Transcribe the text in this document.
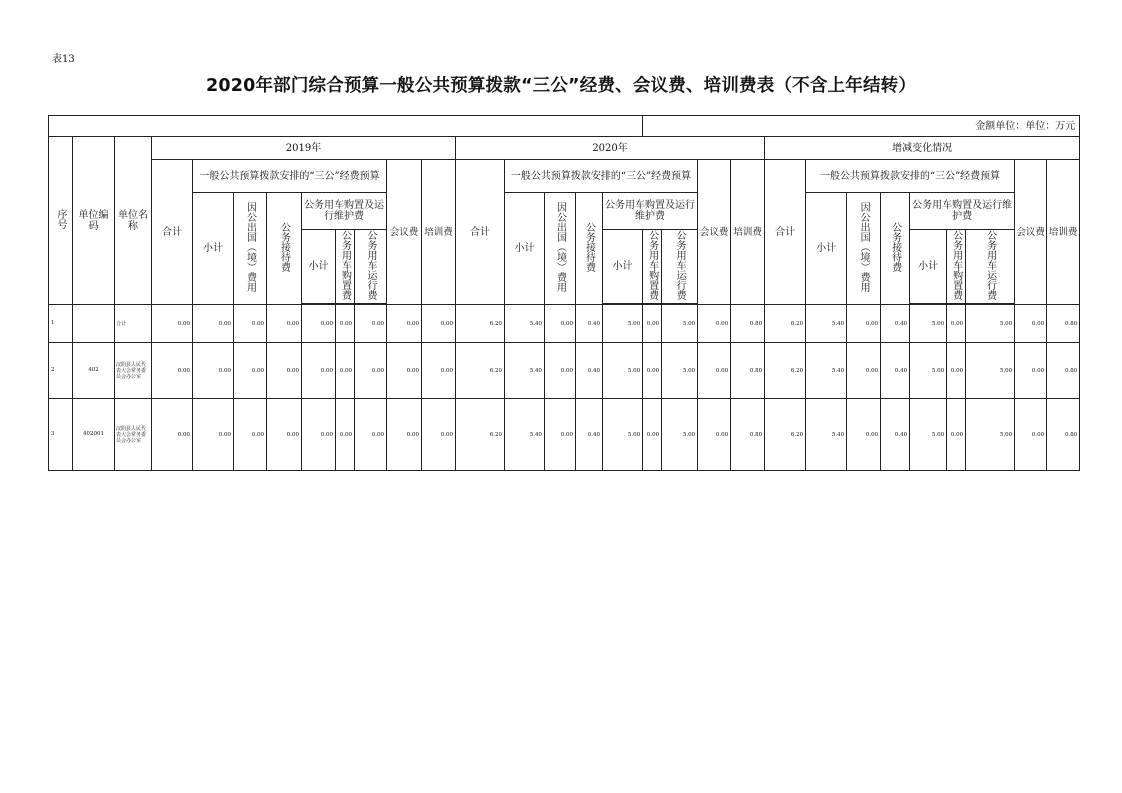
表13
2020年部门综合预算一般公共预算拨款“三公”经费、会议费、培训费表（不含上年结转）
																	金额单位：单位：万元												
序号	单位编码	单位名称	2019年									2020年									增减变化情况								
			合计	一般公共预算拨款安排的“三公”经费预算						会议费	培训费	合计	一般公共预算拨款安排的“三公”经费预算						会议费	培训费	合计	一般公共预算拨款安排的“三公”经费预算						会议费	培训费
				小计	因公出国（境）费用	公务接待费	公务用车购置及运行维护费						小计	因公出国（境）费用	公务接待费	公务用车购置及运行维护费						小计	因公出国（境）费用	公务接待费	公务用车购置及运行维护费				
							小计	公务用车购置费	公务用车运行费							小计	公务用车购置费	公务用车运行费							小计	公务用车购置费	公务用车运行费		

1		合计	0.00	0.00	0.00	0.00	0.00	0.00	0.00	0.00	0.00	6.20	5.40	0.00	0.40	5.00	0.00	5.00	0.00	0.80	6.20	5.40	0.00	0.40	5.00	0.00	5.00	0.00	0.80
2	402	汉阴县人民代表大会常务委员会办公室	0.00	0.00	0.00	0.00	0.00	0.00	0.00	0.00	0.00	6.20	5.40	0.00	0.40	5.00	0.00	5.00	0.00	0.80	6.20	5.40	0.00	0.40	5.00	0.00	5.00	0.00	0.80
3	402001	汉阴县人民代表大会常务委员会办公室	0.00	0.00	0.00	0.00	0.00	0.00	0.00	0.00	0.00	6.20	5.40	0.00	0.40	5.00	0.00	5.00	0.00	0.80	6.20	5.40	0.00	0.40	5.00	0.00	5.00	0.00	0.80
